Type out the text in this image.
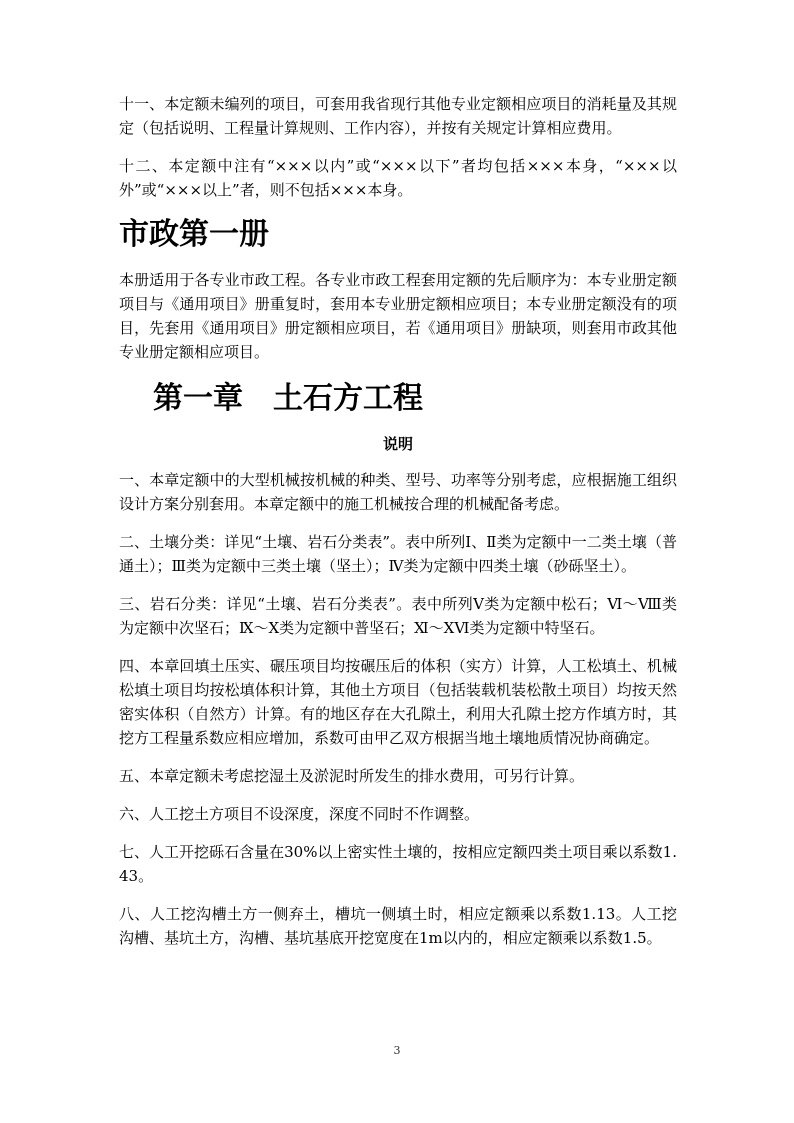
十一、本定额未编列的项目，可套用我省现行其他专业定额相应项目的消耗量及其规定（包括说明、工程量计算规则、工作内容），并按有关规定计算相应费用。

十二、本定额中注有“×××以内”或“×××以下”者均包括×××本身，“×××以外”或“×××以上”者，则不包括×××本身。

市政第一册

本册适用于各专业市政工程。各专业市政工程套用定额的先后顺序为：本专业册定额项目与《通用项目》册重复时，套用本专业册定额相应项目；本专业册定额没有的项目，先套用《通用项目》册定额相应项目，若《通用项目》册缺项，则套用市政其他专业册定额相应项目。

第一章　土石方工程
说明

一、本章定额中的大型机械按机械的种类、型号、功率等分别考虑，应根据施工组织设计方案分别套用。本章定额中的施工机械按合理的机械配备考虑。

二、土壤分类：详见“土壤、岩石分类表”。表中所列Ⅰ、Ⅱ类为定额中一二类土壤（普通土）；Ⅲ类为定额中三类土壤（坚土）；Ⅳ类为定额中四类土壤（砂砾坚土）。

三、岩石分类：详见“土壤、岩石分类表”。表中所列Ⅴ类为定额中松石；Ⅵ～Ⅷ类为定额中次坚石；Ⅸ～Ⅹ类为定额中普坚石；Ⅺ～ⅩⅥ类为定额中特坚石。

四、本章回填土压实、碾压项目均按碾压后的体积（实方）计算，人工松填土、机械松填土项目均按松填体积计算，其他土方项目（包括装载机装松散土项目）均按天然密实体积（自然方）计算。有的地区存在大孔隙土，利用大孔隙土挖方作填方时，其挖方工程量系数应相应增加，系数可由甲乙双方根据当地土壤地质情况协商确定。

五、本章定额未考虑挖湿土及淤泥时所发生的排水费用，可另行计算。

六、人工挖土方项目不设深度，深度不同时不作调整。

七、人工开挖砾石含量在30%以上密实性土壤的，按相应定额四类土项目乘以系数1.43。

八、人工挖沟槽土方一侧弃土，槽坑一侧填土时，相应定额乘以系数1.13。人工挖沟槽、基坑土方，沟槽、基坑基底开挖宽度在1m以内的，相应定额乘以系数1.5。

3
